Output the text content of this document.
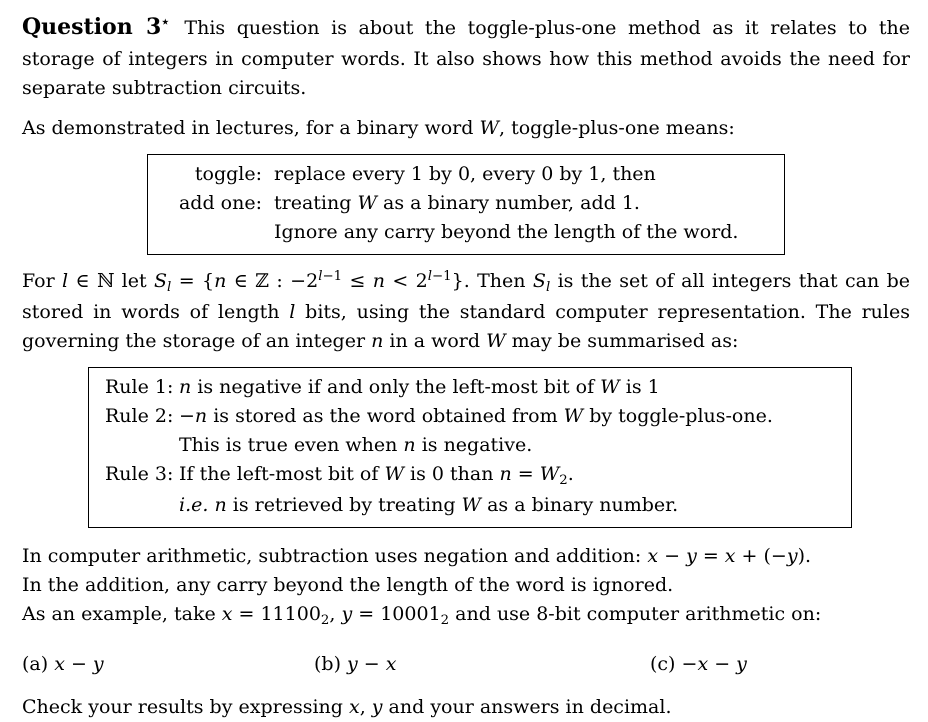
Question 3⋆ This question is about the toggle-plus-one method as it relates to the storage of integers in computer words. It also shows how this method avoids the need for separate subtraction circuits.

As demonstrated in lectures, for a binary word W, toggle-plus-one means:

toggle: replace every 1 by 0, every 0 by 1, then
add one: treating W as a binary number, add 1.
Ignore any carry beyond the length of the word.

For l ∈ ℕ let Sl = {n ∈ ℤ : $-2^{l-1} \le n < 2^{l-1}$}. Then Sl is the set of all integers that can be stored in words of length l bits, using the standard computer representation. The rules governing the storage of an integer n in a word W may be summarised as:

Rule 1: n is negative if and only the left-most bit of W is 1
Rule 2: −n is stored as the word obtained from W by toggle-plus-one.
This is true even when n is negative.
Rule 3: If the left-most bit of W is 0 than n = W2.
i.e. n is retrieved by treating W as a binary number.

In computer arithmetic, subtraction uses negation and addition: x − y = x + (−y).

In the addition, any carry beyond the length of the word is ignored.

As an example, take x = 111002, y = 100012 and use 8-bit computer arithmetic on:

(a) x − y	(b) y − x	(c) −x − y

Check your results by expressing x, y and your answers in decimal.
